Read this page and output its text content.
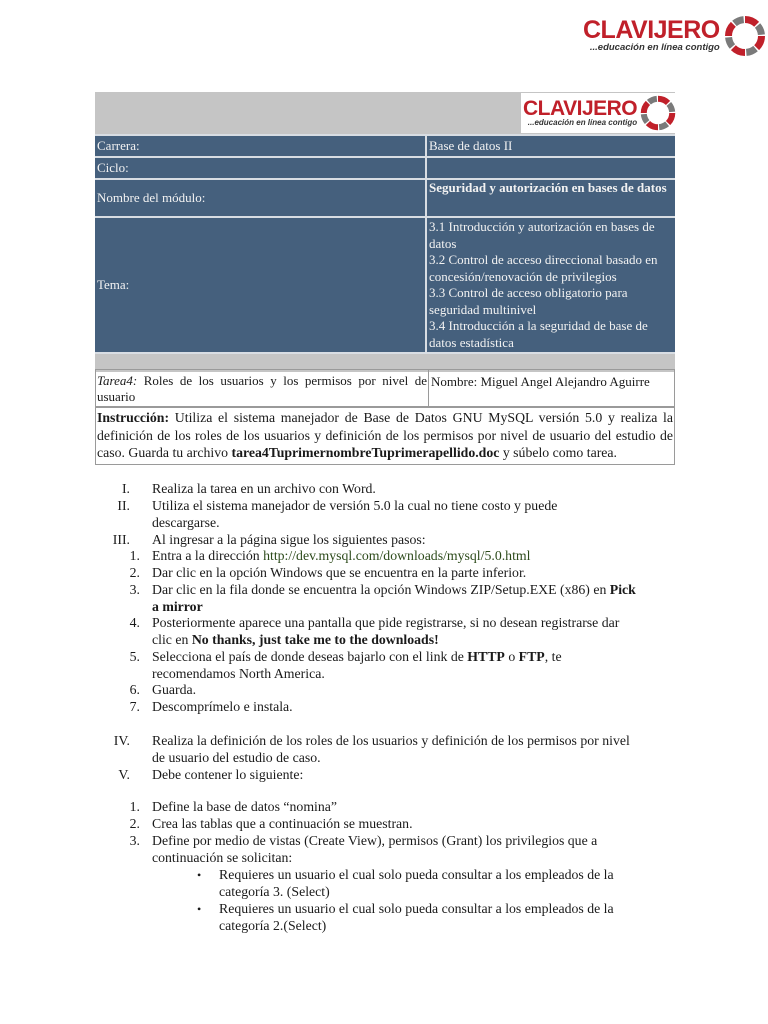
CLAVIJERO
...educación en línea contigo
Carrera:	Base de datos II
Ciclo:
Nombre del módulo:
Seguridad y autorización en bases de datos
Tema:
3.1 Introducción y autorización en bases de datos
3.2 Control de acceso direccional basado en concesión/renovación de privilegios
3.3 Control de acceso obligatorio para seguridad multinivel
3.4 Introducción a la seguridad de base de datos estadística
CLAVIJERO
...educación en línea contigo
Tarea4: Roles de los usuarios y los permisos por nivel de usuario
Nombre: Miguel Angel Alejandro Aguirre
Instrucción: Utiliza el sistema manejador de Base de Datos GNU MySQL versión 5.0 y realiza la definición de los roles de los usuarios y definición de los permisos por nivel de usuario del estudio de caso. Guarda tu archivo tarea4TuprimernombreTuprimerapellido.doc y súbelo como tarea.
I. Realiza la tarea en un archivo con Word.
II. Utiliza el sistema manejador de versión 5.0 la cual no tiene costo y puede
descargarse.
III. Al ingresar a la página sigue los siguientes pasos:
1. Entra a la dirección http://dev.mysql.com/downloads/mysql/5.0.html
2. Dar clic en la opción Windows que se encuentra en la parte inferior.
3. Dar clic en la fila donde se encuentra la opción Windows ZIP/Setup.EXE (x86) en Pick
a mirror
4. Posteriormente aparece una pantalla que pide registrarse, si no desean registrarse dar
clic en No thanks, just take me to the downloads!
5. Selecciona el país de donde deseas bajarlo con el link de HTTP o FTP, te
recomendamos North America.
6. Guarda.
7. Descomprímelo e instala.
IV. Realiza la definición de los roles de los usuarios y definición de los permisos por nivel
de usuario del estudio de caso.
V. Debe contener lo siguiente:
1. Define la base de datos “nomina”
2. Crea las tablas que a continuación se muestran.
3. Define por medio de vistas (Create View), permisos (Grant) los privilegios que a
continuación se solicitan:
• Requieres un usuario el cual solo pueda consultar a los empleados de la
categoría 3. (Select)
• Requieres un usuario el cual solo pueda consultar a los empleados de la
categoría 2.(Select)
